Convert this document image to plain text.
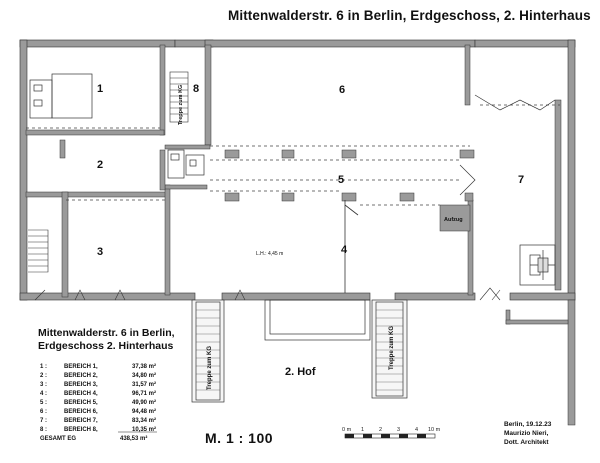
0 m 1	2	3	4 10 m
1
2
3	4
5
6
7
8
Treppe zum KG
Treppe zum KG	Treppe zum KG
L.H.: 4,45 m
Aufzug
Mittenwalderstr. 6 in Berlin, Erdgeschoss, 2. Hinterhaus
2. Hof
Mittenwalderstr. 6 in Berlin,
Erdgeschoss 2. Hinterhaus
1 :	BEREICH 1,	37,38 m²
2 :	BEREICH 2,	34,80 m²
3 :	BEREICH 3,	31,57 m²
4 :	BEREICH 4,	96,71 m²
5 :	BEREICH 5,	49,90 m²
6 :	BEREICH 6,	94,48 m²
7 :	BEREICH 7,	83,34 m²
8 :	BEREICH 8,	10,35 m²
GESAMT EG	438,53 m²	M. 1 : 100
Berlin, 19.12.23
Maurizio Nieri,
Dott. Architekt
